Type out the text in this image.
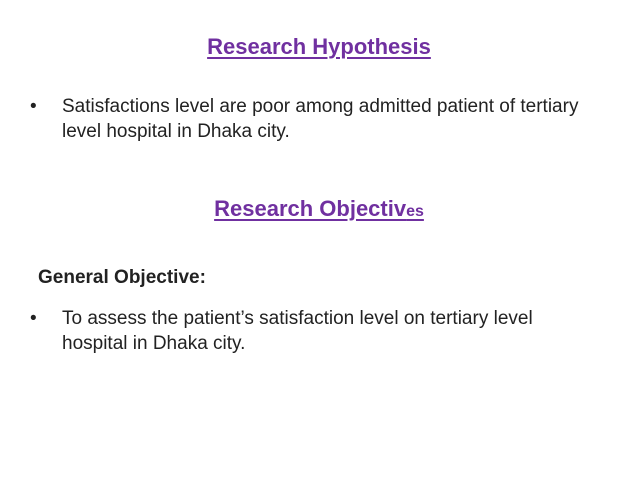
Research Hypothesis
• Satisfactions level are poor among admitted patient of tertiary level hospital in Dhaka city.
Research Objectives
General Objective:
• To assess the patient’s satisfaction level on tertiary level hospital in Dhaka city.
